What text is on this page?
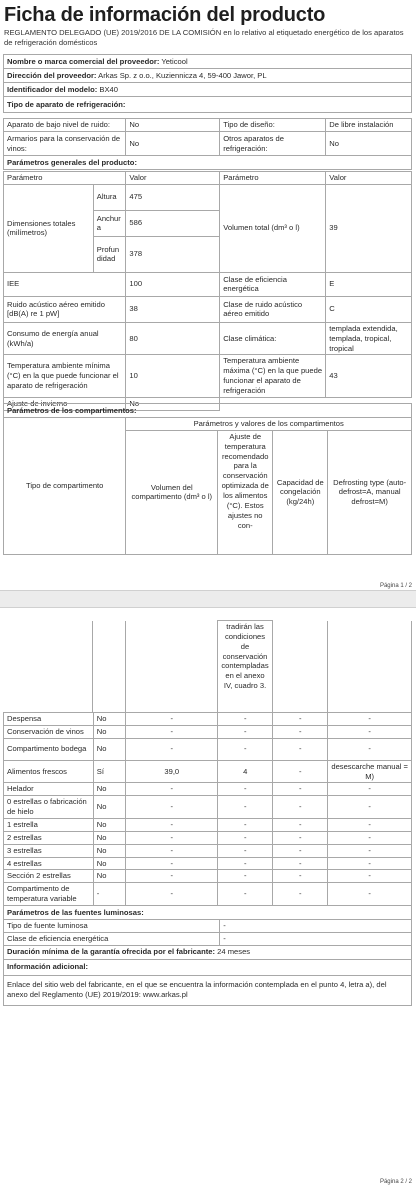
Ficha de información del producto
REGLAMENTO DELEGADO (UE) 2019/2016 DE LA COMISIÓN en lo relativo al etiquetado energético de los aparatos de refrigeración domésticos
Nombre o marca comercial del proveedor: Yeticool
Dirección del proveedor: Arkas Sp. z o.o., Kuziennicza 4, 59-400 Jawor, PL
Identificador del modelo: BX40
Tipo de aparato de refrigeración:
Aparato de bajo nivel de ruido:	No	Tipo de diseño:	De libre instalación
Armarios para la conservación de vinos:	No	Otros aparatos de refrigeración:	No
Parámetros generales del producto:			
Parámetro		Valor	Parámetro	Valor
Dimensiones totales (milímetros)	Altura	475	Volumen total (dm³ o l)	39
	Anchura	586		
	Profundidad	378		
IEE		100	Clase de eficiencia energética	E
Ruido acústico aéreo emitido [dB(A) re 1 pW]		38	Clase de ruido acústico aéreo emitido	C
Consumo de energía anual (kWh/a)		80	Clase climática:	templada extendida, templada, tropical, tropical
Temperatura ambiente mínima (°C) en la que puede funcionar el aparato de refrigeración		10	Temperatura ambiente máxima (°C) en la que puede funcionar el aparato de refrigeración	43
Ajuste de invierno		No		
Parámetros de los compartimentos:				
Tipo de compartimento	Parámetros y valores de los compartimentos			
	Volumen del compartimento (dm³ o l)	Ajuste de temperatura recomendado para la conservación optimizada de los alimentos (°C). Estos ajustes no con-	Capacidad de congelación (kg/24h)	Defrosting type (auto-defrost=A, manual defrost=M)
Página 1 / 2
			tradirán las condiciones de conservación contempladas en el anexo IV, cuadro 3.		
Despensa	No	-	-	-	-
Conservación de vinos	No	-	-	-	-
Compartimento bodega	No	-	-	-	-
Alimentos frescos	Sí	39,0	4	-	desescarche manual = M)
Helador	No	-	-	-	-
0 estrellas o fabricación de hielo	No	-	-	-	-
1 estrella	No	-	-	-	-
2 estrellas	No	-	-	-	-
3 estrellas	No	-	-	-	-
4 estrellas	No	-	-	-	-
Sección 2 estrellas	No	-	-	-	-
Compartimento de temperatura variable	-	-	-	-	-
Parámetros de las fuentes luminosas:	
Tipo de fuente luminosa	-
Clase de eficiencia energética	-
Duración mínima de la garantía ofrecida por el fabricante: 24 meses	
Información adicional:	
Enlace del sitio web del fabricante, en el que se encuentra la información contemplada en el punto 4, letra a), del anexo del Reglamento (UE) 2019/2019: www.arkas.pl	
Página 2 / 2
